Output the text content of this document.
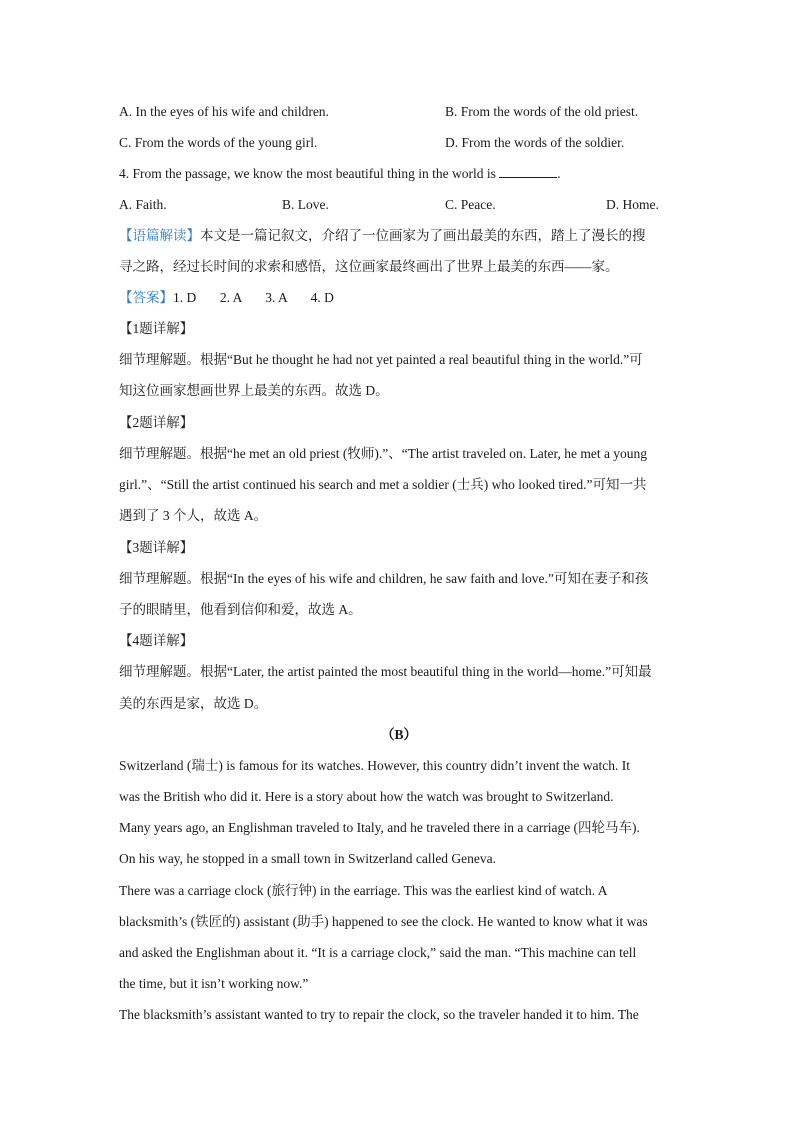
A. In the eyes of his wife and children.	B. From the words of the old priest.
C. From the words of the young girl.	D. From the words of the soldier.
4. From the passage, we know the most beautiful thing in the world is	.
A. Faith.	B. Love.	C. Peace.	D. Home.
【语篇解读】本文是一篇记叙文，介绍了一位画家为了画出最美的东西，踏上了漫长的搜
寻之路，经过长时间的求索和感悟，这位画家最终画出了世界上最美的东西——家。
【答案】1. D       2. A       3. A       4. D
【1题详解】
细节理解题。根据“But he thought he had not yet painted a real beautiful thing in the world.”可
知这位画家想画世界上最美的东西。故选 D。
【2题详解】
细节理解题。根据“he met an old priest (牧师).”、“The artist traveled on. Later, he met a young
girl.”、“Still the artist continued his search and met a soldier (士兵) who looked tired.”可知一共
遇到了 3 个人，故选 A。
【3题详解】
细节理解题。根据“In the eyes of his wife and children, he saw faith and love.”可知在妻子和孩
子的眼睛里，他看到信仰和爱，故选 A。
【4题详解】
细节理解题。根据“Later, the artist painted the most beautiful thing in the world—home.”可知最
美的东西是家，故选 D。
（B）
Switzerland (瑞士) is famous for its watches. However, this country didn’t invent the watch. It
was the British who did it. Here is a story about how the watch was brought to Switzerland.
Many years ago, an Englishman traveled to Italy, and he traveled there in a carriage (四轮马车).
On his way, he stopped in a small town in Switzerland called Geneva.
There was a carriage clock (旅行钟) in the earriage. This was the earliest kind of watch. A
blacksmith’s (铁匠的) assistant (助手) happened to see the clock. He wanted to know what it was
and asked the Englishman about it. “It is a carriage clock,” said the man. “This machine can tell
the time, but it isn’t working now.”
The blacksmith’s assistant wanted to try to repair the clock, so the traveler handed it to him. The
